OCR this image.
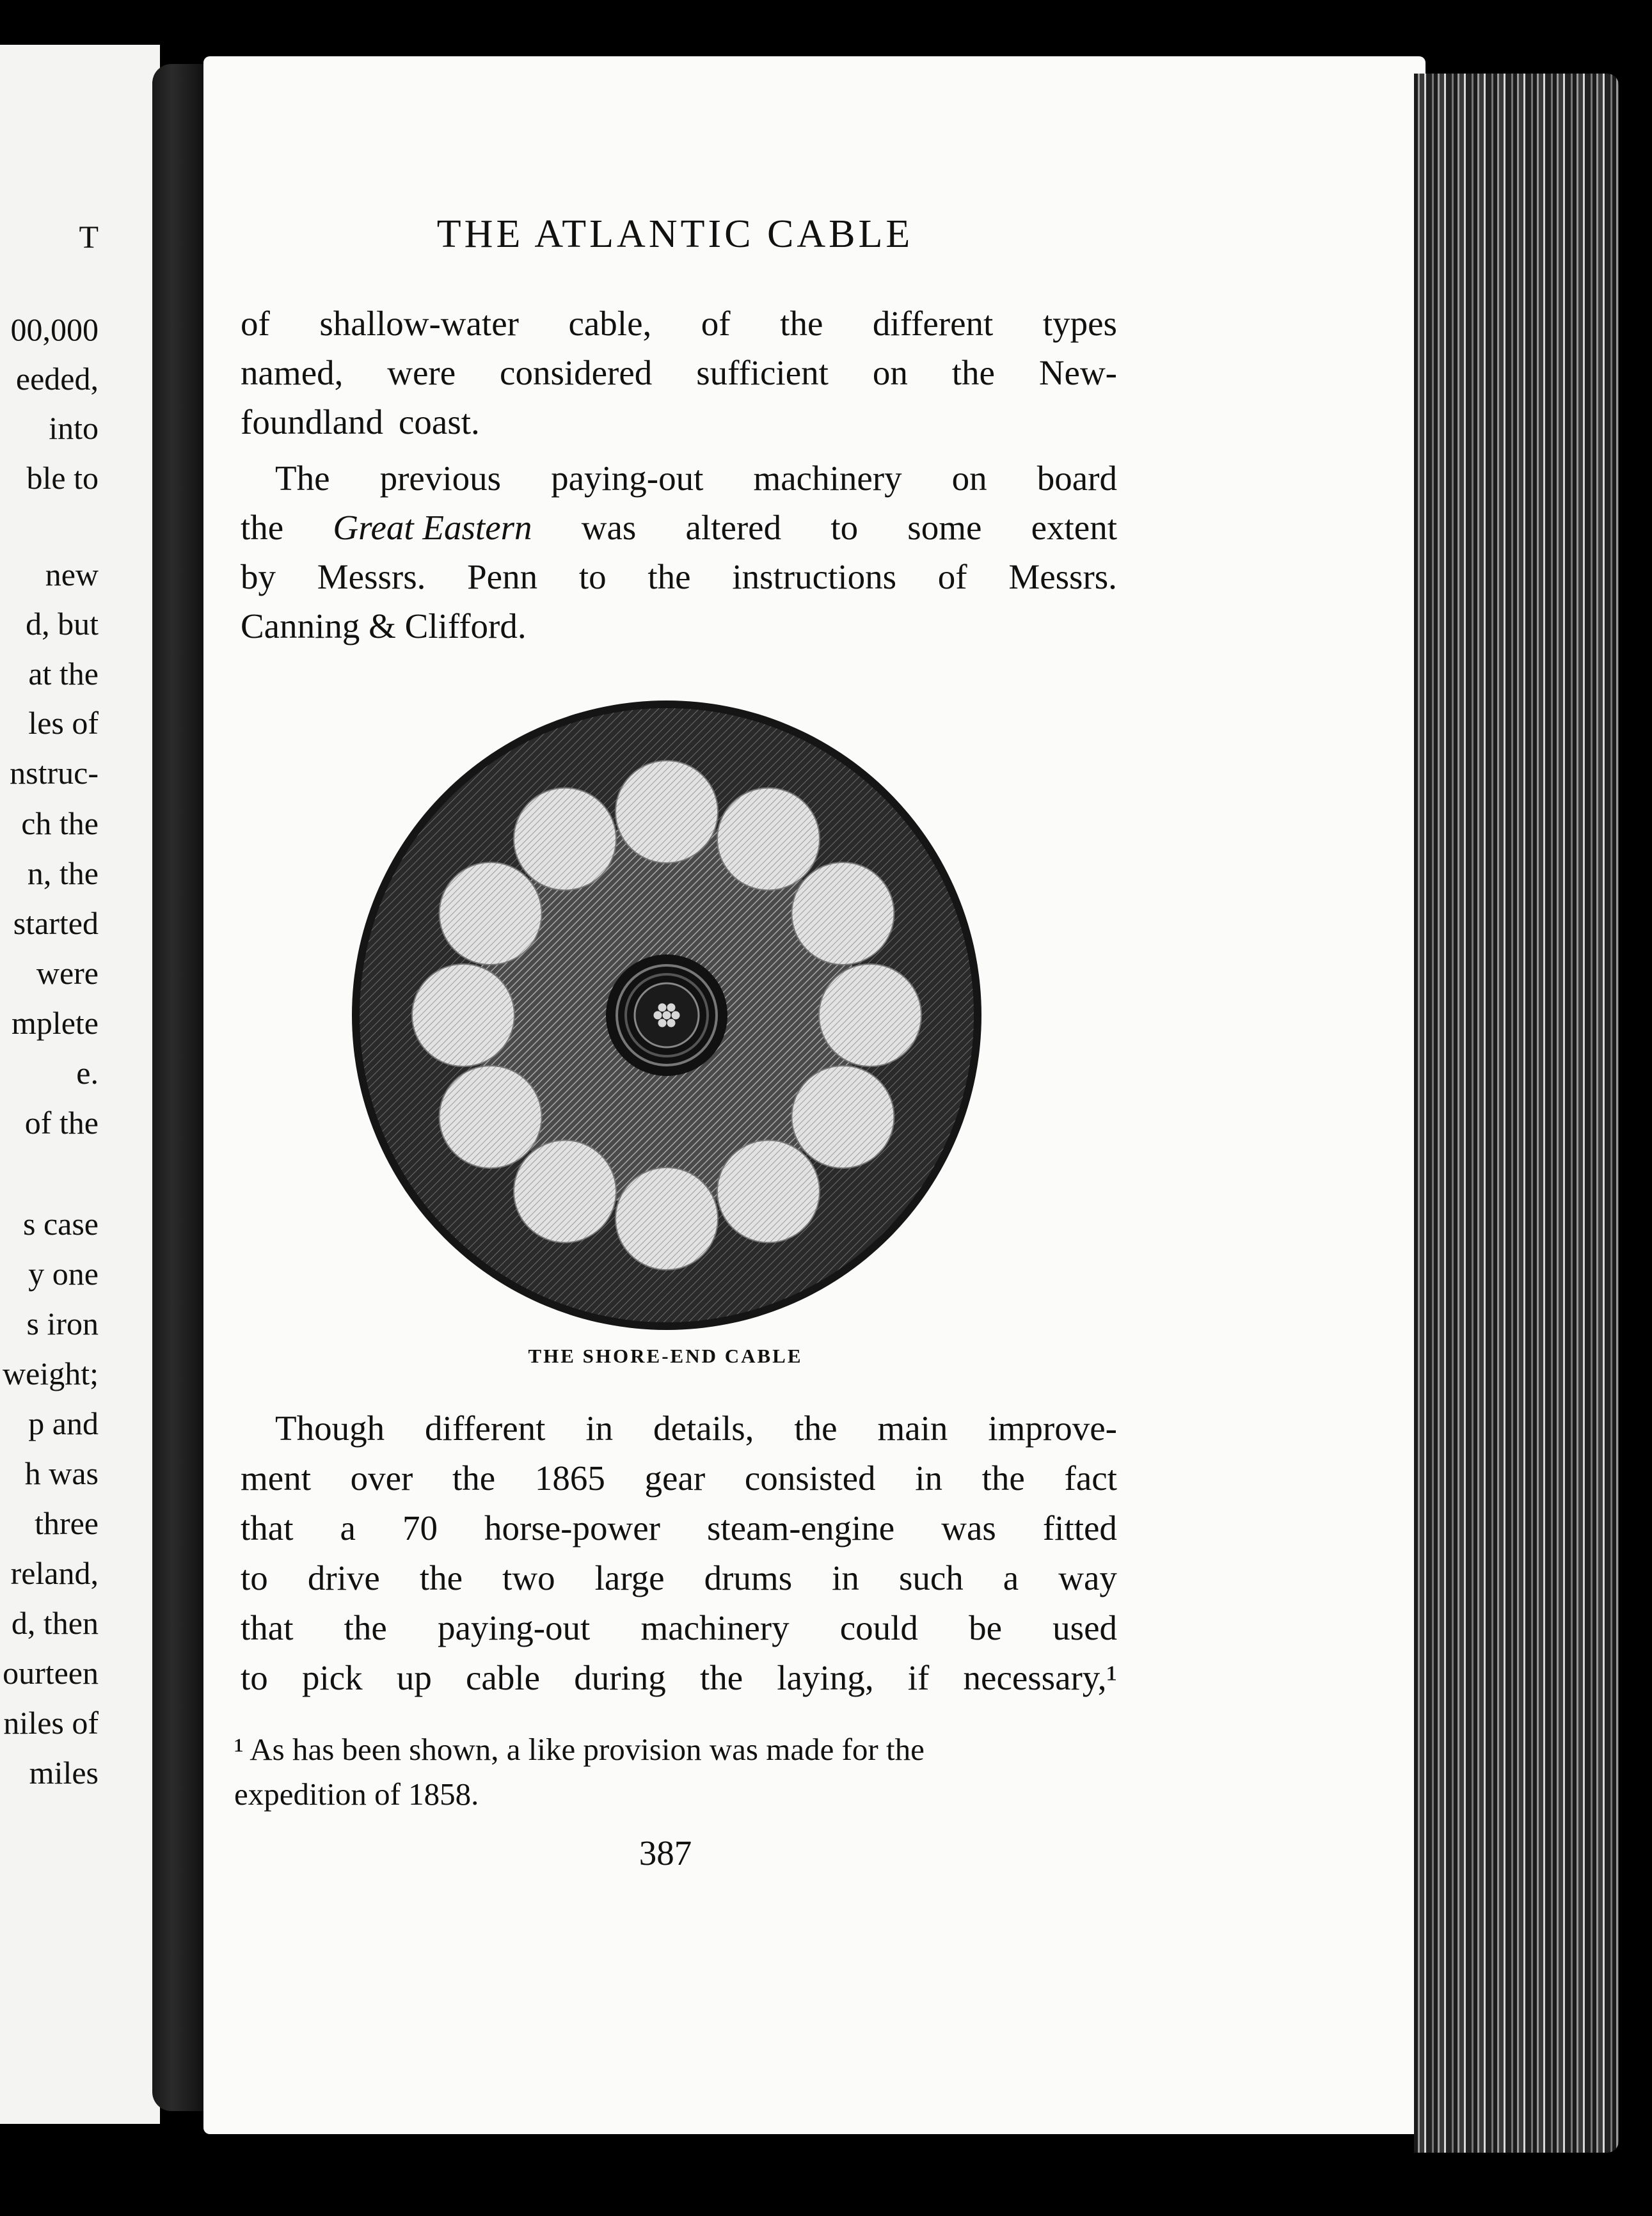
T
00,000
eeded,
into
ble to
new
d, but
at the
les of
nstruc-
ch the
n, the
started
were
mplete
e.
of the
s case
y one
s iron
weight;
p and
h was
three
reland,
d, then
ourteen
niles of
miles
THE ATLANTIC CABLE
of shallow-water cable, of the different types
named, were considered sufficient on the New-
foundland coast.
The previous paying-out machinery on board
the Great Eastern was altered to some extent
by Messrs. Penn to the instructions of Messrs.
Canning & Clifford.
THE SHORE-END CABLE
Though different in details, the main improve-
ment over the 1865 gear consisted in the fact
that a 70 horse-power steam-engine was fitted
to drive the two large drums in such a way
that the paying-out machinery could be used
to pick up cable during the laying, if necessary,¹
¹ As has been shown, a like provision was made for the
expedition of 1858.
387
